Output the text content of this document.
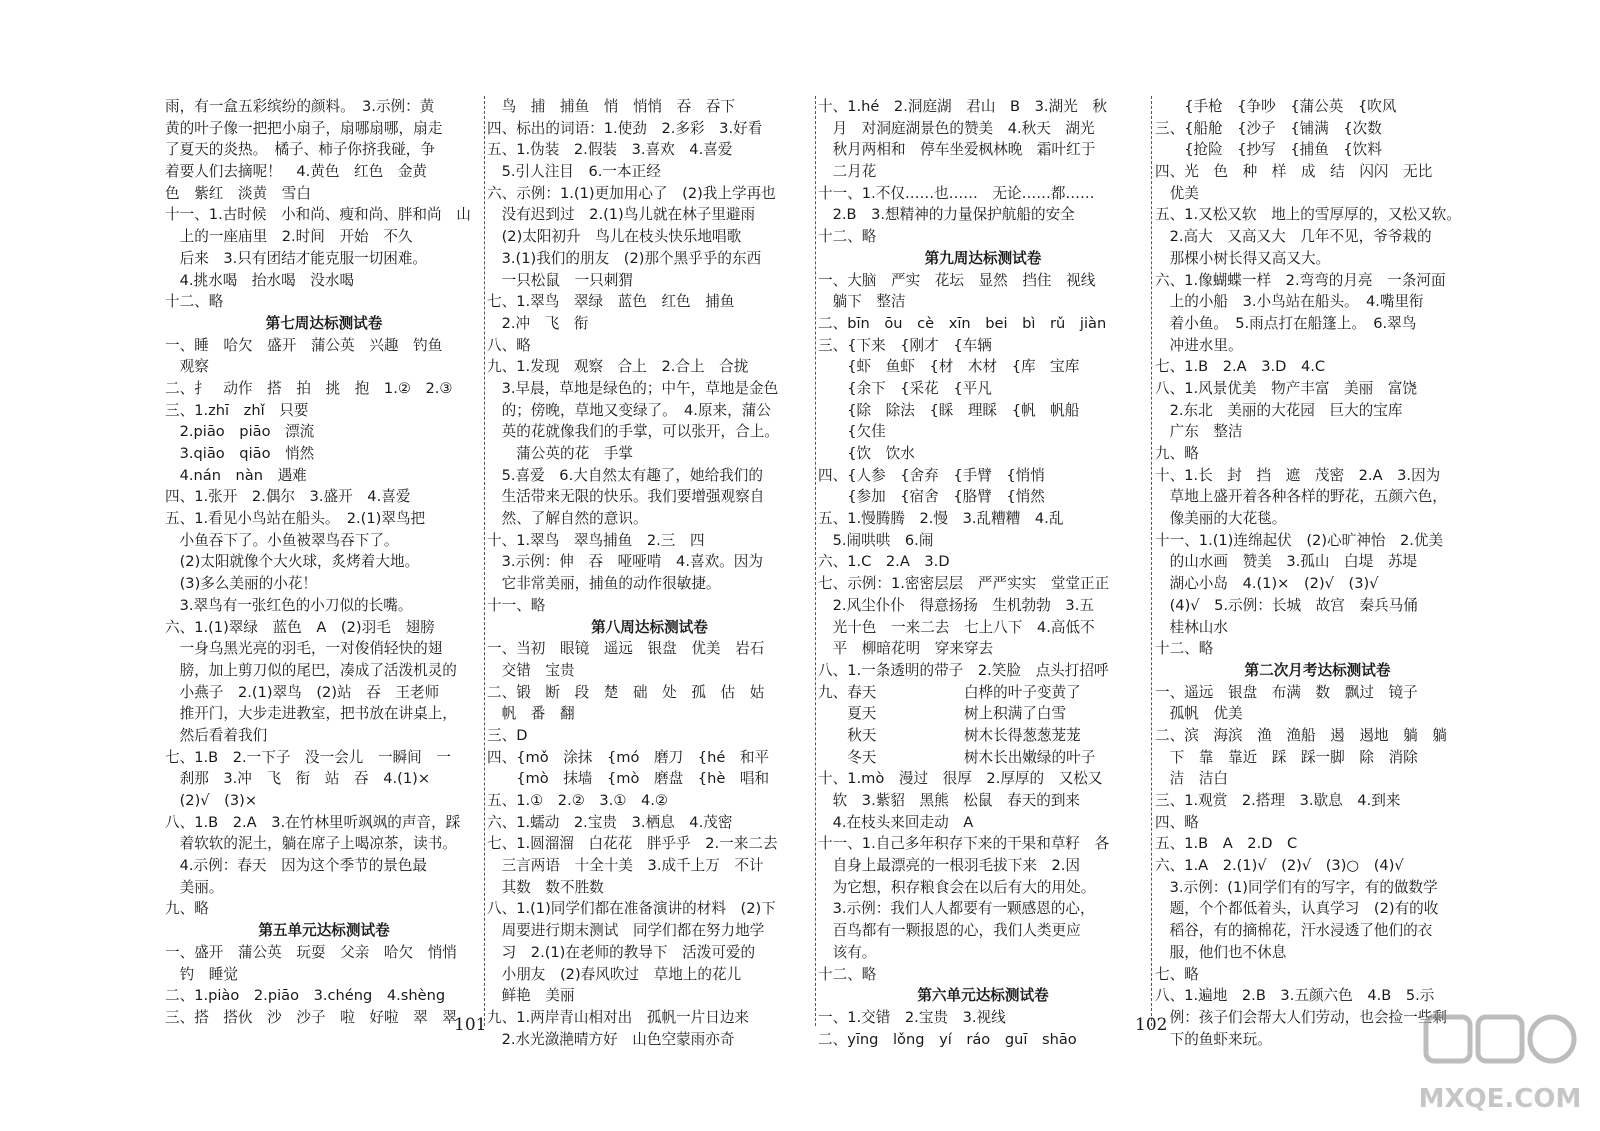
雨，有一盒五彩缤纷的颜料。　3.示例：黄
黄的叶子像一把把小扇子，扇哪扇哪，扇走
了夏天的炎热。　橘子、柿子你挤我碰，争
着要人们去摘呢！　4.黄色　红色　金黄
色　紫红　淡黄　雪白
十一、1.古时候　小和尚、瘦和尚、胖和尚　山
　上的一座庙里　2.时间　开始　不久
　后来　3.只有团结才能克服一切困难。
　4.挑水喝　抬水喝　没水喝
十二、略
第七周达标测试卷
一、睡　哈欠　盛开　蒲公英　兴趣　钓鱼
　观察
二、扌　动作　搭　拍　挑　抱　1.②　2.③
三、1.zhī　zhǐ　只要
　2.piāo　piāo　漂流
　3.qiāo　qiāo　悄然
　4.nán　nàn　遇难
四、1.张开　2.偶尔　3.盛开　4.喜爱
五、1.看见小鸟站在船头。　2.(1)翠鸟把
　小鱼吞下了。小鱼被翠鸟吞下了。
　(2)太阳就像个大火球，炙烤着大地。
　(3)多么美丽的小花！
　3.翠鸟有一张红色的小刀似的长嘴。
六、1.(1)翠绿　蓝色　A　(2)羽毛　翅膀
　一身乌黑光亮的羽毛，一对俊俏轻快的翅
　膀，加上剪刀似的尾巴，凑成了活泼机灵的
　小燕子　2.(1)翠鸟　(2)站　吞　王老师
　推开门，大步走进教室，把书放在讲桌上，
　然后看着我们
七、1.B　2.一下子　没一会儿　一瞬间　一
　刹那　3.冲　飞　衔　站　吞　4.(1)×
　(2)√　(3)×
八、1.B　2.A　3.在竹林里听飒飒的声音，踩
　着软软的泥土，躺在席子上喝凉茶，读书。
　4.示例：春天　因为这个季节的景色最
　美丽。
九、略
第五单元达标测试卷
一、盛开　蒲公英　玩耍　父亲　哈欠　悄悄
　钓　睡觉
二、1.piào　2.piāo　3.chéng　4.shèng
三、搭　搭伙　沙　沙子　啦　好啦　翠　翠
　鸟　捕　捕鱼　悄　悄悄　吞　吞下
四、标出的词语：1.使劲　2.多彩　3.好看
五、1.伪装　2.假装　3.喜欢　4.喜爱
　5.引人注目　6.一本正经
六、示例：1.(1)更加用心了　(2)我上学再也
　没有迟到过　2.(1)鸟儿就在林子里避雨
　(2)太阳初升　鸟儿在枝头快乐地唱歌
　3.(1)我们的朋友　(2)那个黑乎乎的东西
　一只松鼠　一只刺猬
七、1.翠鸟　翠绿　蓝色　红色　捕鱼
　2.冲　飞　衔
八、略
九、1.发现　观察　合上　2.合上　合拢
　3.早晨，草地是绿色的；中午，草地是金色
　的；傍晚，草地又变绿了。　4.原来，蒲公
　英的花就像我们的手掌，可以张开，合上。
　　蒲公英的花　手掌
　5.喜爱　6.大自然太有趣了，她给我们的
　生活带来无限的快乐。我们要增强观察自
　然、了解自然的意识。
十、1.翠鸟　翠鸟捕鱼　2.三　四
　3.示例：伸　吞　哑哑啃　4.喜欢。因为
　它非常美丽，捕鱼的动作很敏捷。
十一、略
第八周达标测试卷
一、当初　眼镜　遥远　银盘　优美　岩石
　交错　宝贵
二、锻　断　段　楚　础　处　孤　估　姑
　帆　番　翻
三、D
四、{mǒ　涂抹　{mó　磨刀　{hé　和平
　　{mò　抹墙　{mò　磨盘　{hè　唱和
五、1.①　2.②　3.①　4.②
六、1.蠕动　2.宝贵　3.栖息　4.茂密
七、1.圆溜溜　白花花　胖乎乎　2.一来二去
　三言两语　十全十美　3.成千上万　不计
　其数　数不胜数
八、1.(1)同学们都在准备演讲的材料　(2)下
　周要进行期末测试　同学们都在努力地学
　习　2.(1)在老师的教导下　活泼可爱的
　小朋友　(2)春风吹过　草地上的花儿
　鲜艳　美丽
九、1.两岸青山相对出　孤帆一片日边来
　2.水光潋滟晴方好　山色空蒙雨亦奇
十、1.hé　2.洞庭湖　君山　B　3.湖光　秋
　月　对洞庭湖景色的赞美　4.秋天　湖光
　秋月两相和　停车坐爱枫林晚　霜叶红于
　二月花
十一、1.不仅……也……　无论……都……
　2.B　3.想精神的力量保护航船的安全
十二、略
第九周达标测试卷
一、大脑　严实　花坛　显然　挡住　视线
　躺下　整洁
二、bīn　ōu　cè　xīn　bei　bì　rǔ　jiàn
三、{下来　{刚才　{车辆
　　{虾　鱼虾　{材　木材　{库　宝库
　　{余下　{采花　{平凡
　　{除　除法　{睬　理睬　{帆　帆船
　　{欠佳
　　{饮　饮水
四、{人参　{舍弃　{手臂　{悄悄
　　{参加　{宿舍　{胳臂　{悄然
五、1.慢腾腾　2.慢　3.乱糟糟　4.乱
　5.闹哄哄　6.闹
六、1.C　2.A　3.D
七、示例：1.密密层层　严严实实　堂堂正正
　2.风尘仆仆　得意扬扬　生机勃勃　3.五
　光十色　一来二去　七上八下　4.高低不
　平　柳暗花明　穿来穿去
八、1.一条透明的带子　2.笑脸　点头打招呼
九、春天　　　　　　白桦的叶子变黄了
　　夏天　　　　　　树上积满了白雪
　　秋天　　　　　　树木长得葱葱茏茏
　　冬天　　　　　　树木长出嫩绿的叶子
十、1.mò　漫过　很厚　2.厚厚的　又松又
　软　3.紫貂　黑熊　松鼠　春天的到来
　4.在枝头来回走动　A
十一、1.自己多年积存下来的干果和草籽　各
　自身上最漂亮的一根羽毛拔下来　2.因
　为它想，积存粮食会在以后有大的用处。
　3.示例：我们人人都要有一颗感恩的心，
　百鸟都有一颗报恩的心，我们人类更应
　该有。
十二、略
第六单元达标测试卷
一、1.交错　2.宝贵　3.视线
二、yīng　lǒng　yí　ráo　guī　shāo
　　{手枪　{争吵　{蒲公英　{吹风
三、{船舱　{沙子　{铺满　{次数
　　{抢险　{抄写　{捕鱼　{饮料
四、光　色　种　样　成　结　闪闪　无比
　优美
五、1.又松又软　地上的雪厚厚的，又松又软。
　2.高大　又高又大　几年不见，爷爷栽的
　那棵小树长得又高又大。
六、1.像蝴蝶一样　2.弯弯的月亮　一条河面
　上的小船　3.小鸟站在船头。　4.嘴里衔
　着小鱼。　5.雨点打在船篷上。　6.翠鸟
　冲进水里。
七、1.B　2.A　3.D　4.C
八、1.风景优美　物产丰富　美丽　富饶
　2.东北　美丽的大花园　巨大的宝库
　广东　整洁
九、略
十、1.长　封　挡　遮　茂密　2.A　3.因为
　草地上盛开着各种各样的野花，五颜六色，
　像美丽的大花毯。
十一、1.(1)连绵起伏　(2)心旷神怡　2.优美
　的山水画　赞美　3.孤山　白堤　苏堤
　湖心小岛　4.(1)×　(2)√　(3)√
　(4)√　5.示例：长城　故宫　秦兵马俑
　桂林山水
十二、略
第二次月考达标测试卷
一、遥远　银盘　布满　数　飘过　镜子
　孤帆　优美
二、滨　海滨　渔　渔船　遏　遏地　躺　躺
　下　靠　靠近　踩　踩一脚　除　消除
　洁　洁白
三、1.观赏　2.搭理　3.歇息　4.到来
四、略
五、1.B　A　2.D　C
六、1.A　2.(1)√　(2)√　(3)○　(4)√
　3.示例：(1)同学们有的写字，有的做数学
　题，个个都低着头，认真学习　(2)有的收
　稻谷，有的摘棉花，汗水浸透了他们的衣
　服，他们也不休息
七、略
八、1.遍地　2.B　3.五颜六色　4.B　5.示
　例：孩子们会帮大人们劳动，也会捡一些剩
　下的鱼虾来玩。
101	102
MXQE.COM
